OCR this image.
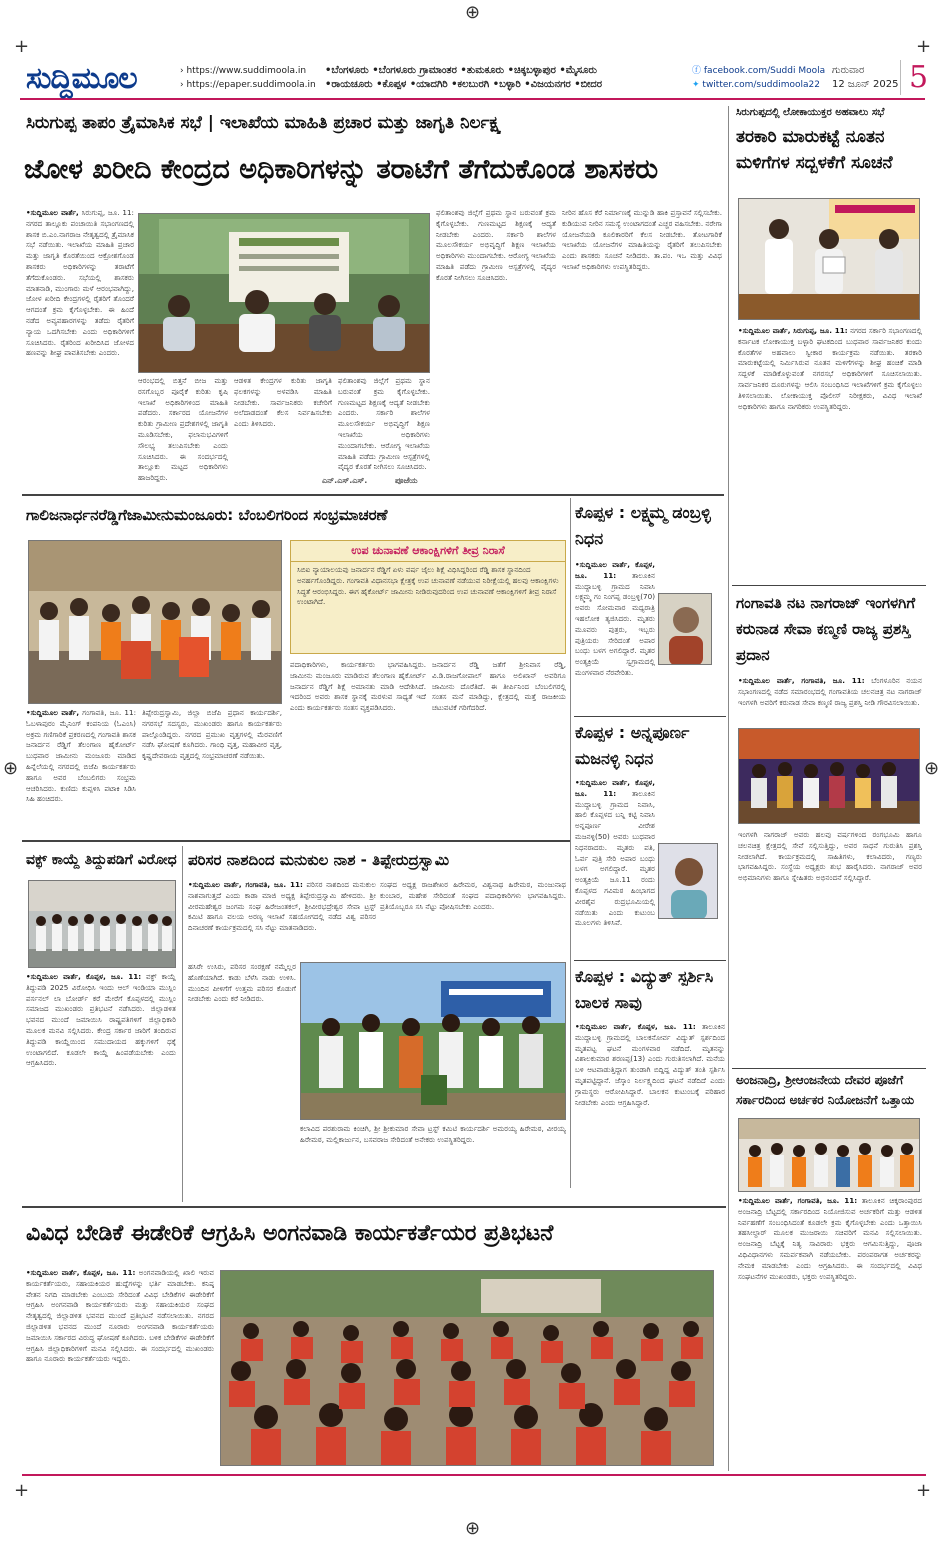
⊕
⊕	⊕
⊕
+	+
+	+
ಸುದ್ದಿಮೂಲ
›	https://www.suddimoola.in
› https://epaper.suddimoola.in
•ಬೆಂಗಳೂರು •ಬೆಂಗಳೂರು ಗ್ರಾಮಾಂತರ •ತುಮಕೂರು •ಚಿಕ್ಕಬಳ್ಳಾಪುರ •ಮೈಸೂರು
•ರಾಯಚೂರು •ಕೊಪ್ಪಳ •ಯಾದಗಿರಿ •ಕಲಬುರಗಿ •ಬಳ್ಳಾರಿ •ವಿಜಯನಗರ •ಬೀದರ
ⓕ facebook.com/Suddi Moola
✦ twitter.com/suddimoola22
ಗುರುವಾರ
12 ಜೂನ್ 2025 5
ಸಿರುಗುಪ್ಪ ತಾಪಂ ತ್ರೈಮಾಸಿಕ ಸಭೆ | ಇಲಾಖೆಯ ಮಾಹಿತಿ ಪ್ರಚಾರ ಮತ್ತು ಜಾಗೃತಿ ನಿರ್ಲಕ್ಷ್ಯ
ಜೋಳ ಖರೀದಿ ಕೇಂದ್ರದ ಅಧಿಕಾರಿಗಳನ್ನು ತರಾಟೆಗೆ ತೆಗೆದುಕೊಂಡ ಶಾಸಕರು
•ಸುದ್ದಿಮೂಲ ವಾರ್ತೆ, ಸಿರುಗುಪ್ಪ, ಜೂ. 11: ನಗರದ ತಾಲ್ಲೂಕು ಪಂಚಾಯಿತಿ ಸಭಾಂಗಣದಲ್ಲಿ ಶಾಸಕ ಬಿ.ಎಂ.ನಾಗರಾಜ ನೇತೃತ್ವದಲ್ಲಿ ತ್ರೈಮಾಸಿಕ ಸಭೆ ನಡೆಯಿತು. ಇಲಾಖೆಯ ಮಾಹಿತಿ ಪ್ರಚಾರ ಮತ್ತು ಜಾಗೃತಿ ಕೊರತೆಯಿಂದ ಆಕ್ರೋಶಗೊಂಡ ಶಾಸಕರು ಅಧಿಕಾರಿಗಳನ್ನು ತರಾಟೆಗೆ ತೆಗೆದುಕೊಂಡರು. ಸಭೆಯಲ್ಲಿ ಶಾಸಕರು ಮಾತನಾಡಿ, ಮುಂಗಾರು ಮಳೆ ಆರಂಭವಾಗಿದ್ದು, ಜೋಳ ಖರೀದಿ ಕೇಂದ್ರಗಳಲ್ಲಿ ರೈತರಿಗೆ ತೊಂದರೆ ಆಗದಂತೆ ಕ್ರಮ ಕೈಗೊಳ್ಳಬೇಕು. ಈ ಹಿಂದೆ ನಡೆದ ಅವ್ಯವಹಾರಗಳನ್ನು ತಡೆದು ರೈತರಿಗೆ ನ್ಯಾಯ ಒದಗಿಸಬೇಕು ಎಂದು ಅಧಿಕಾರಿಗಳಿಗೆ ಸೂಚಿಸಿದರು. ರೈತರಿಂದ ಖರೀದಿಸಿದ ಜೋಳದ ಹಣವನ್ನು ಶೀಘ್ರ ಪಾವತಿಸಬೇಕು ಎಂದರು.
ಆರಂಭದಲ್ಲಿ ಬಿತ್ತನೆ ಬೀಜ ಮತ್ತು ರಸಗೊಬ್ಬರ ಪೂರೈಕೆ ಕುರಿತು ಕೃಷಿ ಇಲಾಖೆ ಅಧಿಕಾರಿಗಳಿಂದ ಮಾಹಿತಿ ಪಡೆದರು. ಸರ್ಕಾರದ ಯೋಜನೆಗಳ ಕುರಿತು ಗ್ರಾಮೀಣ ಪ್ರದೇಶಗಳಲ್ಲಿ ಜಾಗೃತಿ ಮೂಡಿಸಬೇಕು, ಫಲಾನುಭವಿಗಳಿಗೆ ಸೌಲಭ್ಯ ತಲುಪಿಸಬೇಕು ಎಂದು ಸೂಚಿಸಿದರು. ಈ ಸಂದರ್ಭದಲ್ಲಿ ತಾಲ್ಲೂಕು ಮಟ್ಟದ ಅಧಿಕಾರಿಗಳು ಹಾಜರಿದ್ದರು.
ಆಡಳಿತ ಕೇಂದ್ರಗಳ ಕುರಿತು ಜಾಗೃತಿ ಫಲಕಗಳನ್ನು ಅಳವಡಿಸಿ ಮಾಹಿತಿ ನೀಡಬೇಕು. ಸಾರ್ವಜನಿಕರು ಕಚೇರಿಗೆ ಅಲೆದಾಡದಂತೆ ಕೆಲಸ ನಿರ್ವಹಿಸಬೇಕು ಎಂದು ತಿಳಿಸಿದರು.
ಎನ್.ಎಸ್.ಎಸ್.
ಫಲಿತಾಂಶವು ಜಿಲ್ಲೆಗೆ ಪ್ರಥಮ ಸ್ಥಾನ ಬರುವಂತೆ ಕ್ರಮ ಕೈಗೊಳ್ಳಬೇಕು. ಗುಣಮಟ್ಟದ ಶಿಕ್ಷಣಕ್ಕೆ ಆದ್ಯತೆ ನೀಡಬೇಕು ಎಂದರು. ಸರ್ಕಾರಿ ಶಾಲೆಗಳ ಮೂಲಸೌಕರ್ಯ ಅಭಿವೃದ್ಧಿಗೆ ಶಿಕ್ಷಣ ಇಲಾಖೆಯ ಅಧಿಕಾರಿಗಳು ಮುಂದಾಗಬೇಕು. ಆರೋಗ್ಯ ಇಲಾಖೆಯ ಮಾಹಿತಿ ಪಡೆದು ಗ್ರಾಮೀಣ ಆಸ್ಪತ್ರೆಗಳಲ್ಲಿ ವೈದ್ಯರ ಕೊರತೆ ನೀಗಿಸಲು ಸೂಚಿಸಿದರು.
ಪೂಜೆಯ
ಫಲಿತಾಂಶವು ಜಿಲ್ಲೆಗೆ ಪ್ರಥಮ ಸ್ಥಾನ ಬರುವಂತೆ ಕ್ರಮ ಕೈಗೊಳ್ಳಬೇಕು. ಗುಣಮಟ್ಟದ ಶಿಕ್ಷಣಕ್ಕೆ ಆದ್ಯತೆ ನೀಡಬೇಕು ಎಂದರು. ಸರ್ಕಾರಿ ಶಾಲೆಗಳ ಮೂಲಸೌಕರ್ಯ ಅಭಿವೃದ್ಧಿಗೆ ಶಿಕ್ಷಣ ಇಲಾಖೆಯ ಅಧಿಕಾರಿಗಳು ಮುಂದಾಗಬೇಕು. ಆರೋಗ್ಯ ಇಲಾಖೆಯ ಮಾಹಿತಿ ಪಡೆದು ಗ್ರಾಮೀಣ ಆಸ್ಪತ್ರೆಗಳಲ್ಲಿ ವೈದ್ಯರ ಕೊರತೆ ನೀಗಿಸಲು ಸೂಚಿಸಿದರು.
ನೀರಿನ ಹೊಸ ಕೆರೆ ನಿರ್ಮಾಣಕ್ಕೆ ಮುನ್ನುಡಿ ಹಾಕಿ ಪ್ರಸ್ತಾವನೆ ಸಲ್ಲಿಸಬೇಕು. ಕುಡಿಯುವ ನೀರಿನ ಸಮಸ್ಯೆ ಉಂಟಾಗದಂತೆ ಎಚ್ಚರ ವಹಿಸಬೇಕು. ನರೇಗಾ ಯೋಜನೆಯಡಿ ಕೂಲಿಕಾರರಿಗೆ ಕೆಲಸ ನೀಡಬೇಕು. ತೋಟಗಾರಿಕೆ ಇಲಾಖೆಯ ಯೋಜನೆಗಳ ಮಾಹಿತಿಯನ್ನು ರೈತರಿಗೆ ತಲುಪಿಸಬೇಕು ಎಂದು ಶಾಸಕರು ಸೂಚನೆ ನೀಡಿದರು. ತಾ.ಪಂ. ಇಒ ಮತ್ತು ವಿವಿಧ ಇಲಾಖೆ ಅಧಿಕಾರಿಗಳು ಉಪಸ್ಥಿತರಿದ್ದರು.
ಸಿರುಗುಪ್ಪದಲ್ಲಿ ಲೋಕಾಯುಕ್ತರ ಅಹವಾಲು ಸಭೆ
ತರಕಾರಿ ಮಾರುಕಟ್ಟೆ ನೂತನ ಮಳಿಗೆಗಳ ಸದ್ಬಳಕೆಗೆ ಸೂಚನೆ
•ಸುದ್ದಿಮೂಲ ವಾರ್ತೆ, ಸಿರುಗುಪ್ಪ, ಜೂ. 11: ನಗರದ ಸರ್ಕಾರಿ ಸಭಾಂಗಣದಲ್ಲಿ ಕರ್ನಾಟಕ ಲೋಕಾಯುಕ್ತ ಬಳ್ಳಾರಿ ಘಟಕದಿಂದ ಬುಧವಾರ ಸಾರ್ವಜನಿಕರ ಕುಂದು ಕೊರತೆಗಳ ಅಹವಾಲು ಸ್ವೀಕಾರ ಕಾರ್ಯಕ್ರಮ ನಡೆಯಿತು. ತರಕಾರಿ ಮಾರುಕಟ್ಟೆಯಲ್ಲಿ ನಿರ್ಮಿಸಿರುವ ನೂತನ ಮಳಿಗೆಗಳನ್ನು ಶೀಘ್ರ ಹಂಚಿಕೆ ಮಾಡಿ ಸದ್ಬಳಕೆ ಮಾಡಿಕೊಳ್ಳುವಂತೆ ನಗರಸಭೆ ಅಧಿಕಾರಿಗಳಿಗೆ ಸೂಚಿಸಲಾಯಿತು. ಸಾರ್ವಜನಿಕರ ದೂರುಗಳನ್ನು ಆಲಿಸಿ ಸಂಬಂಧಿಸಿದ ಇಲಾಖೆಗಳಿಗೆ ಕ್ರಮ ಕೈಗೊಳ್ಳಲು ತಿಳಿಸಲಾಯಿತು. ಲೋಕಾಯುಕ್ತ ಪೊಲೀಸ್ ನಿರೀಕ್ಷಕರು, ವಿವಿಧ ಇಲಾಖೆ ಅಧಿಕಾರಿಗಳು ಹಾಗೂ ನಾಗರಿಕರು ಉಪಸ್ಥಿತರಿದ್ದರು.
ಗಾಲಿಜನಾರ್ಧನರೆಡ್ಡಿಗೆಜಾಮೀನುಮಂಜೂರು: ಬೆಂಬಲಿಗರಿಂದ ಸಂಭ್ರಮಾಚರಣೆ
ಉಪ ಚುನಾವಣೆ ಆಕಾಂಕ್ಷಿಗಳಿಗೆ ತೀವ್ರ ನಿರಾಸೆ
ಸಿಬಿಐ ನ್ಯಾಯಾಲಯವು ಜನಾರ್ದನ ರೆಡ್ಡಿಗೆ ಏಳು ವರ್ಷ ಜೈಲು ಶಿಕ್ಷೆ ವಿಧಿಸಿದ್ದರಿಂದ ರೆಡ್ಡಿ ಶಾಸಕ ಸ್ಥಾನದಿಂದ ಅನರ್ಹಗೊಂಡಿದ್ದರು. ಗಂಗಾವತಿ ವಿಧಾನಸಭಾ ಕ್ಷೇತ್ರಕ್ಕೆ ಉಪ ಚುನಾವಣೆ ನಡೆಯುವ ನಿರೀಕ್ಷೆಯಲ್ಲಿ ಹಲವು ಆಕಾಂಕ್ಷಿಗಳು ಸಿದ್ಧತೆ ಆರಂಭಿಸಿದ್ದರು. ಈಗ ಹೈಕೋರ್ಟ್ ಜಾಮೀನು ನೀಡಿರುವುದರಿಂದ ಉಪ ಚುನಾವಣೆ ಆಕಾಂಕ್ಷಿಗಳಿಗೆ ತೀವ್ರ ನಿರಾಸೆ ಉಂಟಾಗಿದೆ.
•ಸುದ್ದಿಮೂಲ ವಾರ್ತೆ, ಗಂಗಾವತಿ, ಜೂ. 11: ಓಬಳಾಪುರಂ ಮೈನಿಂಗ್ ಕಂಪನಿಯ (ಓಎಂಸಿ) ಅಕ್ರಮ ಗಣಿಗಾರಿಕೆ ಪ್ರಕರಣದಲ್ಲಿ ಗಂಗಾವತಿ ಶಾಸಕ ಜನಾರ್ದನ ರೆಡ್ಡಿಗೆ ತೆಲಂಗಾಣ ಹೈಕೋರ್ಟ್ ಬುಧವಾರ ಜಾಮೀನು ಮಂಜೂರು ಮಾಡಿದ ಹಿನ್ನೆಲೆಯಲ್ಲಿ ನಗರದಲ್ಲಿ ಬಿಜೆಪಿ ಕಾರ್ಯಕರ್ತರು ಹಾಗೂ ಅವರ ಬೆಂಬಲಿಗರು ಸಂಭ್ರಮ ಆಚರಿಸಿದರು. ಕುಣಿದು ಕುಪ್ಪಳಿಸಿ ಪಟಾಕಿ ಸಿಡಿಸಿ ಸಿಹಿ ಹಂಚಿದರು.
ತಿಪ್ಪೇರುದ್ರಸ್ವಾಮಿ, ಜಿಲ್ಲಾ ಬಿಜೆಪಿ ಪ್ರಧಾನ ಕಾರ್ಯದರ್ಶಿ, ನಗರಸಭೆ ಸದಸ್ಯರು, ಮುಖಂಡರು ಹಾಗೂ ಕಾರ್ಯಕರ್ತರು ಪಾಲ್ಗೊಂಡಿದ್ದರು. ನಗರದ ಪ್ರಮುಖ ವೃತ್ತಗಳಲ್ಲಿ ಮೆರವಣಿಗೆ ನಡೆಸಿ ಘೋಷಣೆ ಕೂಗಿದರು. ಗಾಂಧಿ ವೃತ್ತ, ಮಹಾವೀರ ವೃತ್ತ, ಕೃಷ್ಣದೇವರಾಯ ವೃತ್ತದಲ್ಲಿ ಸಂಭ್ರಮಾಚರಣೆ ನಡೆಯಿತು.
ಪದಾಧಿಕಾರಿಗಳು, ಕಾರ್ಯಕರ್ತರು ಭಾಗವಹಿಸಿದ್ದರು. ಜಾಮೀನು ಮಂಜೂರು ಮಾಡಿರುವ ತೆಲಂಗಾಣ ಹೈಕೋರ್ಟ್ ಜನಾರ್ದನ ರೆಡ್ಡಿಗೆ ಶಿಕ್ಷೆ ಅಮಾನತು ಮಾಡಿ ಆದೇಶಿಸಿದೆ. ಇದರಿಂದ ಅವರು ಶಾಸಕ ಸ್ಥಾನಕ್ಕೆ ಮರಳುವ ಸಾಧ್ಯತೆ ಇದೆ ಎಂದು ಕಾರ್ಯಕರ್ತರು ಸಂತಸ ವ್ಯಕ್ತಪಡಿಸಿದರು.
ಜನಾರ್ದನ ರೆಡ್ಡಿ ಜತೆಗೆ ಶ್ರೀನಿವಾಸ ರೆಡ್ಡಿ, ವಿ.ಡಿ.ರಾಜಗೋಪಾಲ್ ಹಾಗೂ ಅಲಿಖಾನ್ ಅವರಿಗೂ ಜಾಮೀನು ದೊರೆತಿದೆ. ಈ ತೀರ್ಪಿನಿಂದ ಬೆಂಬಲಿಗರಲ್ಲಿ ಸಂತಸ ಮನೆ ಮಾಡಿದ್ದು, ಕ್ಷೇತ್ರದಲ್ಲಿ ಮತ್ತೆ ರಾಜಕೀಯ ಚಟುವಟಿಕೆ ಗರಿಗೆದರಿದೆ.
ಕೊಪ್ಪಳ : ಲಕ್ಷ್ಮಮ್ಮ ಡಂಬ್ರಳ್ಳಿ ನಿಧನ
•ಸುದ್ದಿಮೂಲ ವಾರ್ತೆ, ಕೊಪ್ಪಳ, ಜೂ. 11: ತಾಲೂಕಿನ ಮುದ್ದಾಬಳ್ಳಿ ಗ್ರಾಮದ ನಿವಾಸಿ ಲಕ್ಷ್ಮಮ್ಮ ಗಂ ನಿಂಗಪ್ಪ ಡಂಬ್ರಳ್ಳಿ(70) ಅವರು ಸೋಮವಾರ ಮಧ್ಯರಾತ್ರಿ ಇಹಲೋಕ ತ್ಯಜಿಸಿದರು. ಮೃತರು ಮೂವರು ಪುತ್ರರು, ಇಬ್ಬರು ಪುತ್ರಿಯರು ಸೇರಿದಂತೆ ಅಪಾರ ಬಂಧು ಬಳಗ ಅಗಲಿದ್ದಾರೆ. ಮೃತರ ಅಂತ್ಯಕ್ರಿಯೆ ಸ್ವಗ್ರಾಮದಲ್ಲಿ ಮಂಗಳವಾರ ನೆರವೇರಿತು.
ಕೊಪ್ಪಳ : ಅನ್ನಪೂರ್ಣ ಮಜನಳ್ಳಿ ನಿಧನ
•ಸುದ್ದಿಮೂಲ ವಾರ್ತೆ, ಕೊಪ್ಪಳ, ಜೂ. 11: ತಾಲೂಕಿನ ಮುದ್ದಾಬಳ್ಳಿ ಗ್ರಾಮದ ನಿವಾಸಿ, ಹಾಲಿ ಕೊಪ್ಪಳದ ಬನ್ನಿ ಕಟ್ಟಿ ನಿವಾಸಿ ಅನ್ನಪೂರ್ಣ ವೀರೇಶ ಮಜನಳ್ಳಿ(50) ಅವರು ಬುಧವಾರ ನಿಧನರಾದರು. ಮೃತರು ಪತಿ, ಓರ್ವ ಪುತ್ರಿ ಸೇರಿ ಅಪಾರ ಬಂಧು ಬಳಗ ಅಗಲಿದ್ದಾರೆ. ಮೃತರ ಅಂತ್ಯಕ್ರಿಯೆ ಜೂ.11 ರಂದು ಕೊಪ್ಪಳದ ಗವಿಮಠ ಹಿಂಭಾಗದ ವೀರಶೈವ ರುದ್ರಭೂಮಿಯಲ್ಲಿ ನಡೆಯಿತು ಎಂದು ಕುಟುಂಬ ಮೂಲಗಳು ತಿಳಿಸಿವೆ.
ಕೊಪ್ಪಳ : ವಿದ್ಯುತ್ ಸ್ಪರ್ಶಿಸಿ ಬಾಲಕ ಸಾವು
•ಸುದ್ದಿಮೂಲ ವಾರ್ತೆ, ಕೊಪ್ಪಳ, ಜೂ. 11: ತಾಲೂಕಿನ ಮುದ್ದಾಬಳ್ಳಿ ಗ್ರಾಮದಲ್ಲಿ ಬಾಲಕನೋರ್ವ ವಿದ್ಯುತ್ ಸ್ಪರ್ಶದಿಂದ ಮೃತಪಟ್ಟ ಘಟನೆ ಮಂಗಳವಾರ ನಡೆದಿದೆ. ಮೃತನನ್ನು ವಿಶಾಲಕುಮಾರ ಶರಣಪ್ಪ(13) ಎಂದು ಗುರುತಿಸಲಾಗಿದೆ. ಮನೆಯ ಬಳಿ ಆಟವಾಡುತ್ತಿದ್ದಾಗ ತುಂಡಾಗಿ ಬಿದ್ದಿದ್ದ ವಿದ್ಯುತ್ ತಂತಿ ಸ್ಪರ್ಶಿಸಿ ಮೃತಪಟ್ಟಿದ್ದಾನೆ. ಜೆಸ್ಕಾಂ ನಿರ್ಲಕ್ಷ್ಯದಿಂದ ಘಟನೆ ನಡೆದಿದೆ ಎಂದು ಗ್ರಾಮಸ್ಥರು ಆರೋಪಿಸಿದ್ದಾರೆ. ಬಾಲಕನ ಕುಟುಂಬಕ್ಕೆ ಪರಿಹಾರ ನೀಡಬೇಕು ಎಂದು ಆಗ್ರಹಿಸಿದ್ದಾರೆ.
ಗಂಗಾವತಿ ನಟ ನಾಗರಾಜ್ ಇಂಗಳಗಿಗೆ ಕರುನಾಡ ಸೇವಾ ಕಣ್ಮಣಿ ರಾಜ್ಯ ಪ್ರಶಸ್ತಿ ಪ್ರದಾನ
•ಸುದ್ದಿಮೂಲ ವಾರ್ತೆ, ಗಂಗಾವತಿ, ಜೂ. 11: ಬೆಂಗಳೂರಿನ ನಯನ ಸಭಾಂಗಣದಲ್ಲಿ ನಡೆದ ಸಮಾರಂಭದಲ್ಲಿ ಗಂಗಾವತಿಯ ಚಲನಚಿತ್ರ ನಟ ನಾಗರಾಜ್ ಇಂಗಳಗಿ ಅವರಿಗೆ ಕರುನಾಡ ಸೇವಾ ಕಣ್ಮಣಿ ರಾಜ್ಯ ಪ್ರಶಸ್ತಿ ನೀಡಿ ಗೌರವಿಸಲಾಯಿತು.
ಇಂಗಳಗಿ ನಾಗರಾಜ್ ಅವರು ಹಲವು ವರ್ಷಗಳಿಂದ ರಂಗಭೂಮಿ ಹಾಗೂ ಚಲನಚಿತ್ರ ಕ್ಷೇತ್ರದಲ್ಲಿ ಸೇವೆ ಸಲ್ಲಿಸುತ್ತಿದ್ದು, ಅವರ ಸಾಧನೆ ಗುರುತಿಸಿ ಪ್ರಶಸ್ತಿ ನೀಡಲಾಗಿದೆ. ಕಾರ್ಯಕ್ರಮದಲ್ಲಿ ಸಾಹಿತಿಗಳು, ಕಲಾವಿದರು, ಗಣ್ಯರು ಭಾಗವಹಿಸಿದ್ದರು. ಸಂಸ್ಥೆಯ ಅಧ್ಯಕ್ಷರು ಶುಭ ಹಾರೈಸಿದರು. ನಾಗರಾಜ್ ಅವರ ಅಭಿಮಾನಿಗಳು ಹಾಗೂ ಸ್ನೇಹಿತರು ಅಭಿನಂದನೆ ಸಲ್ಲಿಸಿದ್ದಾರೆ.
ಅಂಜನಾದ್ರಿ, ಶ್ರೀಆಂಜನೇಯ ದೇವರ ಪೂಜೆಗೆ ಸರ್ಕಾರದಿಂದ ಅರ್ಚಕರ ನಿಯೋಜನೆಗೆ ಒತ್ತಾಯ
•ಸುದ್ದಿಮೂಲ ವಾರ್ತೆ, ಗಂಗಾವತಿ, ಜೂ. 11: ತಾಲೂಕಿನ ಚಿಕ್ಕರಾಂಪುರದ ಅಂಜನಾದ್ರಿ ಬೆಟ್ಟದಲ್ಲಿ ಸರ್ಕಾರದಿಂದ ನಿಯೋಜಿಸುವ ಅರ್ಚಕರಿಗೆ ಮತ್ತು ಆಡಳಿತ ನಿರ್ವಹಣೆಗೆ ಸಂಬಂಧಿಸಿದಂತೆ ಕೂಡಲೇ ಕ್ರಮ ಕೈಗೊಳ್ಳಬೇಕು ಎಂದು ಒತ್ತಾಯಿಸಿ ತಹಸೀಲ್ದಾರ್ ಮೂಲಕ ಮುಜರಾಯಿ ಸಚಿವರಿಗೆ ಮನವಿ ಸಲ್ಲಿಸಲಾಯಿತು. ಅಂಜನಾದ್ರಿ ಬೆಟ್ಟಕ್ಕೆ ನಿತ್ಯ ಸಾವಿರಾರು ಭಕ್ತರು ಆಗಮಿಸುತ್ತಿದ್ದು, ಪೂಜಾ ವಿಧಿವಿಧಾನಗಳು ಸಮರ್ಪಕವಾಗಿ ನಡೆಯಬೇಕು. ಪರಂಪರಾಗತ ಅರ್ಚಕರನ್ನು ನೇಮಕ ಮಾಡಬೇಕು ಎಂದು ಆಗ್ರಹಿಸಿದರು. ಈ ಸಂದರ್ಭದಲ್ಲಿ ವಿವಿಧ ಸಂಘಟನೆಗಳ ಮುಖಂಡರು, ಭಕ್ತರು ಉಪಸ್ಥಿತರಿದ್ದರು.
ವಕ್ಫ್ ಕಾಯ್ದೆ ತಿದ್ದುಪಡಿಗೆ ವಿರೋಧ
•ಸುದ್ದಿಮೂಲ ವಾರ್ತೆ, ಕೊಪ್ಪಳ, ಜೂ. 11: ವಕ್ಫ್ ಕಾಯ್ದೆ ತಿದ್ದುಪಡಿ 2025 ವಿರೋಧಿಸಿ ಇಂದು ಆಲ್ ಇಂಡಿಯಾ ಮುಸ್ಲಿಂ ಪರ್ಸನಲ್ ಲಾ ಬೋರ್ಡ್ ಕರೆ ಮೇರೆಗೆ ಕೊಪ್ಪಳದಲ್ಲಿ ಮುಸ್ಲಿಂ ಸಮಾಜದ ಮುಖಂಡರು ಪ್ರತಿಭಟನೆ ನಡೆಸಿದರು. ಜಿಲ್ಲಾಡಳಿತ ಭವನದ ಮುಂದೆ ಜಮಾಯಿಸಿ ರಾಷ್ಟ್ರಪತಿಗಳಿಗೆ ಜಿಲ್ಲಾಧಿಕಾರಿ ಮೂಲಕ ಮನವಿ ಸಲ್ಲಿಸಿದರು. ಕೇಂದ್ರ ಸರ್ಕಾರ ಜಾರಿಗೆ ತಂದಿರುವ ತಿದ್ದುಪಡಿ ಕಾಯ್ದೆಯಿಂದ ಸಮುದಾಯದ ಹಕ್ಕುಗಳಿಗೆ ಧಕ್ಕೆ ಉಂಟಾಗಲಿದೆ. ಕೂಡಲೇ ಕಾಯ್ದೆ ಹಿಂಪಡೆಯಬೇಕು ಎಂದು ಆಗ್ರಹಿಸಿದರು.
ಪರಿಸರ ನಾಶದಿಂದ ಮನುಕುಲ ನಾಶ - ತಿಪ್ಪೇರುದ್ರಸ್ವಾಮಿ
•ಸುದ್ದಿಮೂಲ ವಾರ್ತೆ, ಗಂಗಾವತಿ, ಜೂ. 11: ಪರಿಸರ ನಾಶದಿಂದ ಮನುಕುಲ ನಾಶವಾಗುತ್ತದೆ ಎಂದು ಕಾಡಾ ಮಾಜಿ ಅಧ್ಯಕ್ಷ ತಿಪ್ಪೇರುದ್ರಸ್ವಾಮಿ ಹೇಳಿದರು. ಶ್ರೀ ವೀರಮಹೇಶ್ವರ ಜಂಗಮ ಸಂಘ ಹಿರೇಜಂತಕಲ್, ಶ್ರೀವೀರಭದ್ರೇಶ್ವರ ಸೇವಾ ಟ್ರಸ್ಟ್ ಕಮಿಟಿ ಹಾಗೂ ವಲಯ ಅರಣ್ಯ ಇಲಾಖೆ ಸಹಯೋಗದಲ್ಲಿ ನಡೆದ ವಿಶ್ವ ಪರಿಸರ ದಿನಾಚರಣೆ ಕಾರ್ಯಕ್ರಮದಲ್ಲಿ ಸಸಿ ನೆಟ್ಟು ಮಾತನಾಡಿದರು.
ಸಂಘದ ಅಧ್ಯಕ್ಷ ರಾಜಶೇಖರ ಹಿರೇಮಠ, ವಿಶ್ವನಾಥ ಹಿರೇಮಠ, ಮಂಜುನಾಥ ಕುಂಬಾರ, ಮಹೇಶ ಸೇರಿದಂತೆ ಸಂಘದ ಪದಾಧಿಕಾರಿಗಳು ಭಾಗವಹಿಸಿದ್ದರು. ಪ್ರತಿಯೊಬ್ಬರೂ ಸಸಿ ನೆಟ್ಟು ಪೋಷಿಸಬೇಕು ಎಂದರು.
ಹಸಿರೇ ಉಸಿರು, ಪರಿಸರ ಸಂರಕ್ಷಣೆ ನಮ್ಮೆಲ್ಲರ ಹೊಣೆಯಾಗಿದೆ. ಕಾಡು ಬೆಳೆಸಿ ನಾಡು ಉಳಿಸಿ. ಮುಂದಿನ ಪೀಳಿಗೆಗೆ ಉತ್ತಮ ಪರಿಸರ ಕೊಡುಗೆ ನೀಡಬೇಕು ಎಂದು ಕರೆ ನೀಡಿದರು.
ಕಲಾವಿದ ಪರಶುರಾಮ ಕಿಂಚಿಗಿ, ಶ್ರೀ ಶ್ರೀಕುಮಾರ ಸೇವಾ ಟ್ರಸ್ಟ್ ಕಮಿಟಿ ಕಾರ್ಯದರ್ಶಿ ಅಮರಯ್ಯ ಹಿರೇಮಠ, ವೀರಯ್ಯ ಹಿರೇಮಠ, ಮಲ್ಲಿಕಾರ್ಜುನ, ಬಸವರಾಜ ಸೇರಿದಂತೆ ಅನೇಕರು ಉಪಸ್ಥಿತರಿದ್ದರು.
ವಿವಿಧ ಬೇಡಿಕೆ ಈಡೇರಿಕೆ ಆಗ್ರಹಿಸಿ ಅಂಗನವಾಡಿ ಕಾರ್ಯಕರ್ತೆಯರ ಪ್ರತಿಭಟನೆ
•ಸುದ್ದಿಮೂಲ ವಾರ್ತೆ, ಕೊಪ್ಪಳ, ಜೂ. 11: ಅಂಗನವಾಡಿಯಲ್ಲಿ ಖಾಲಿ ಇರುವ ಕಾರ್ಯಕರ್ತೆಯರು, ಸಹಾಯಕಿಯರ ಹುದ್ದೆಗಳನ್ನು ಭರ್ತಿ ಮಾಡಬೇಕು. ಕನಿಷ್ಠ ವೇತನ ನಿಗದಿ ಮಾಡಬೇಕು ಎಂಬುದು ಸೇರಿದಂತೆ ವಿವಿಧ ಬೇಡಿಕೆಗಳ ಈಡೇರಿಕೆಗೆ ಆಗ್ರಹಿಸಿ ಅಂಗನವಾಡಿ ಕಾರ್ಯಕರ್ತೆಯರು ಮತ್ತು ಸಹಾಯಕಿಯರ ಸಂಘದ ನೇತೃತ್ವದಲ್ಲಿ ಜಿಲ್ಲಾಡಳಿತ ಭವನದ ಮುಂದೆ ಪ್ರತಿಭಟನೆ ನಡೆಸಲಾಯಿತು. ನಗರದ ಜಿಲ್ಲಾಡಳಿತ ಭವನದ ಮುಂದೆ ನೂರಾರು ಅಂಗನವಾಡಿ ಕಾರ್ಯಕರ್ತೆಯರು ಜಮಾಯಿಸಿ ಸರ್ಕಾರದ ವಿರುದ್ಧ ಘೋಷಣೆ ಕೂಗಿದರು. ಬಳಿಕ ಬೇಡಿಕೆಗಳ ಈಡೇರಿಕೆಗೆ ಆಗ್ರಹಿಸಿ ಜಿಲ್ಲಾಧಿಕಾರಿಗಳಿಗೆ ಮನವಿ ಸಲ್ಲಿಸಿದರು. ಈ ಸಂದರ್ಭದಲ್ಲಿ ಮುಖಂಡರು ಹಾಗೂ ನೂರಾರು ಕಾರ್ಯಕರ್ತೆಯರು ಇದ್ದರು.
